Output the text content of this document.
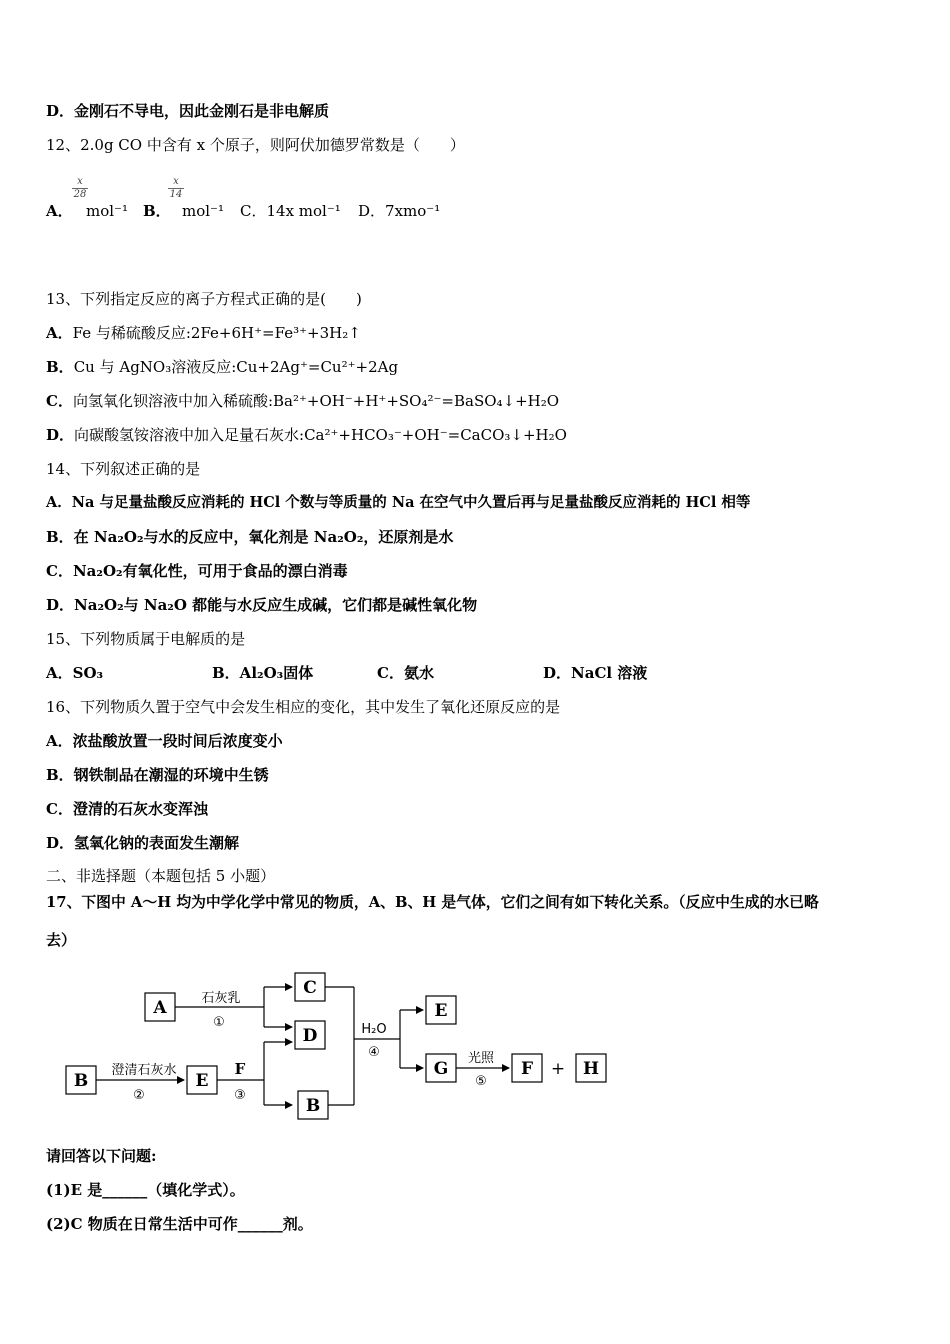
D．金刚石不导电，因此金刚石是非电解质
12、2.0g CO 中含有 x 个原子，则阿伏加德罗常数是（　　）
A．
$\frac{x}{28}$
mol⁻¹ B．
$\frac{x}{14}$
mol⁻¹ C．14x mol⁻¹ D．7xmo⁻¹
13、下列指定反应的离子方程式正确的是(　　)
A．Fe 与稀硫酸反应:2Fe+6H⁺=Fe³⁺+3H₂↑
B．Cu 与 AgNO₃溶液反应:Cu+2Ag⁺=Cu²⁺+2Ag
C．向氢氧化钡溶液中加入稀硫酸:Ba²⁺+OH⁻+H⁺+SO₄²⁻=BaSO₄↓+H₂O
D．向碳酸氢铵溶液中加入足量石灰水:Ca²⁺+HCO₃⁻+OH⁻=CaCO₃↓+H₂O
14、下列叙述正确的是
A．Na 与足量盐酸反应消耗的 HCl 个数与等质量的 Na 在空气中久置后再与足量盐酸反应消耗的 HCl 相等
B．在 Na₂O₂与水的反应中，氧化剂是 Na₂O₂，还原剂是水
C．Na₂O₂有氧化性，可用于食品的漂白消毒
D．Na₂O₂与 Na₂O 都能与水反应生成碱，它们都是碱性氧化物
15、下列物质属于电解质的是
A．SO₃	B．Al₂O₃固体	C．氨水	D．NaCl 溶液
16、下列物质久置于空气中会发生相应的变化，其中发生了氧化还原反应的是
A．浓盐酸放置一段时间后浓度变小
B．钢铁制品在潮湿的环境中生锈
C．澄清的石灰水变浑浊
D．氢氧化钠的表面发生潮解
二、非选择题（本题包括 5 小题）
17、下图中 A～H 均为中学化学中常见的物质，A、B、H 是气体，它们之间有如下转化关系。（反应中生成的水已略
去）
A	石灰乳
①
C
D
B
澄清石灰水
②
E
F
③
B
H₂O
④
E
G
光照
⑤
F + H
请回答以下问题:
(1)E 是______（填化学式）。
(2)C 物质在日常生活中可作______剂。
